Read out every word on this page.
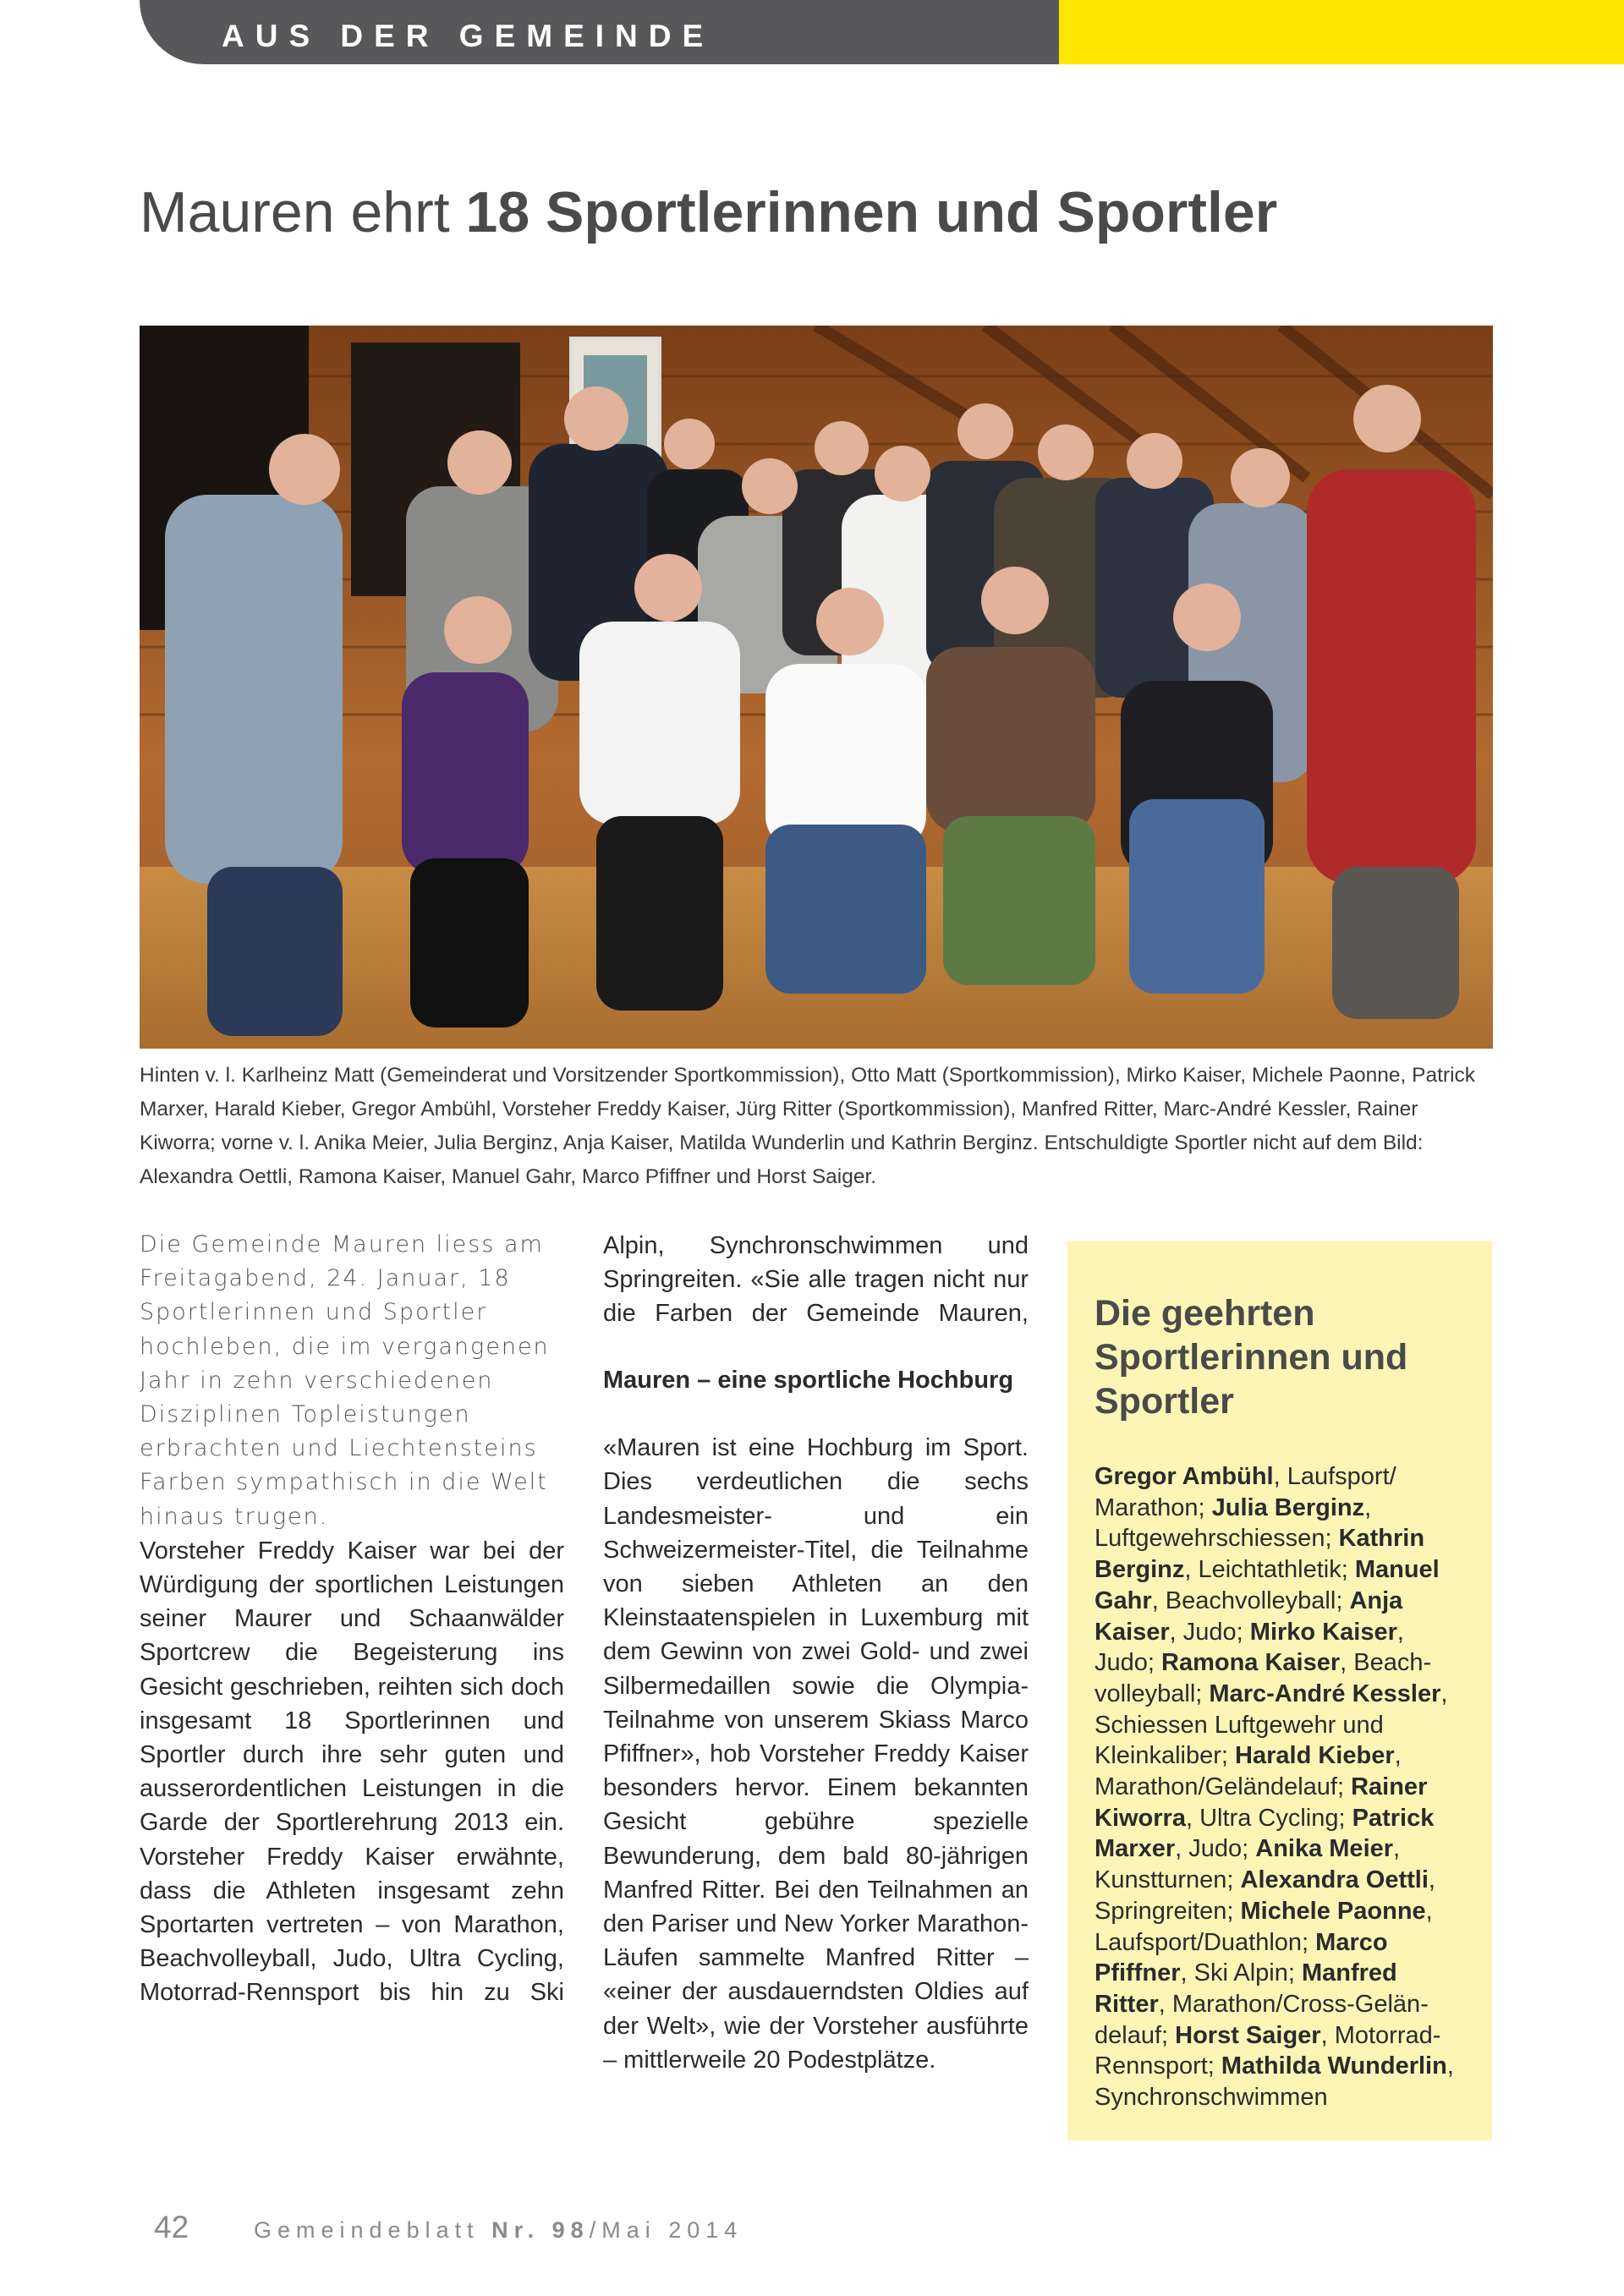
AUS DER GEMEINDE
Mauren ehrt 18 Sportlerinnen und Sportler
Hinten v. l. Karlheinz Matt (Gemeinderat und Vorsitzender Sportkommission), Otto Matt (Sportkommission), Mirko Kaiser, Michele Paonne, Patrick Marxer, Harald Kieber, Gregor Ambühl, Vorsteher Freddy Kaiser, Jürg Ritter (Sportkommission), Manfred Ritter, Marc-André Kessler, Rainer Kiworra; vorne v. l. Anika Meier, Julia Berginz, Anja Kaiser, Matilda Wunderlin und Kathrin Berginz. Entschuldigte Sportler nicht auf dem Bild: Alexandra Oettli, Ramona Kaiser, Manuel Gahr, Marco Pfiffner und Horst Saiger.

Die Gemeinde Mauren liess am Freitagabend, 24. Januar, 18 Sportlerinnen und Sportler hochleben, die im vergangenen Jahr in zehn verschiedenen Disziplinen Topleistungen erbrachten und Liechtensteins Farben sympathisch in die Welt hinaus trugen.

Vorsteher Freddy Kaiser war bei der Würdigung der sportlichen Leistungen seiner Maurer und Schaanwälder Sportcrew die Begeisterung ins Gesicht geschrieben, reihten sich doch insgesamt 18 Sportlerinnen und Sportler durch ihre sehr guten und ausserordentlichen Leistungen in die Garde der Sportlerehrung 2013 ein. Vorsteher Freddy Kaiser erwähnte, dass die Athleten insgesamt zehn Sportarten vertreten – von Marathon, Beachvolleyball, Judo, Ultra Cycling, Motorrad-Rennsport bis hin zu Ski

Alpin, Synchronschwimmen und Springreiten. «Sie alle tragen nicht nur die Farben der Gemeinde Mauren,

Mauren – eine sportliche Hochburg

«Mauren ist eine Hochburg im Sport. Dies verdeutlichen die sechs Landesmeister- und ein Schweizermeister-Titel, die Teilnahme von sieben Athleten an den Kleinstaatenspielen in Luxemburg mit dem Gewinn von zwei Gold- und zwei Silbermedaillen sowie die Olympia-Teilnahme von unserem Skiass Marco Pfiffner», hob Vorsteher Freddy Kaiser besonders hervor. Einem bekannten Gesicht gebühre spezielle Bewunderung, dem bald 80-jährigen Manfred Ritter. Bei den Teilnahmen an den Pariser und New Yorker Marathon-Läufen sammelte Manfred Ritter – «einer der ausdauerndsten Oldies auf der Welt», wie der Vorsteher ausführte – mittlerweile 20 Podestplätze.

Die geehrten Sportlerinnen und Sportler
Gregor Ambühl, Laufsport/ Marathon; Julia Berginz, Luftgewehrschiessen; Kathrin Berginz, Leichtathletik; Manuel Gahr, Beachvolleyball; Anja Kaiser, Judo; Mirko Kaiser, Judo; Ramona Kaiser, Beachvolleyball; Marc-André Kessler, Schiessen Luftgewehr und Kleinkaliber; Harald Kieber, Marathon/Geländelauf; Rainer Kiworra, Ultra Cycling; Patrick Marxer, Judo; Anika Meier, Kunstturnen; Alexandra Oettli, Springreiten; Michele Paonne, Laufsport/Duathlon; Marco Pfiffner, Ski Alpin; Manfred Ritter, Marathon/Cross-Geländelauf; Horst Saiger, Motorrad-Rennsport; Mathilda Wunderlin, Synchronschwimmen
42	Gemeindeblatt Nr. 98/Mai 2014
